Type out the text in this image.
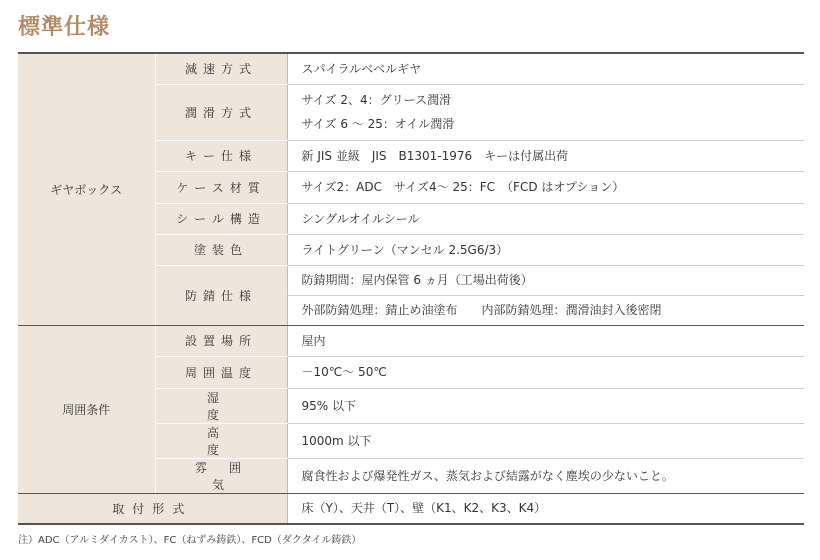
標準仕様
ギヤボックス	減速方式	スパイラルベベルギヤ

	潤滑方式	サイズ 2、4：グリース潤滑
サイズ 6 ～ 25：オイル潤滑

	キー仕様	新 JIS 並級　JIS　B1301-1976　キーは付属出荷

	ケース材質	サイズ2：ADC　サイズ4～ 25：FC　（FCD はオプション）

	シール構造	シングルオイルシール

	塗装色	ライトグリーン（マンセル 2.5G6/3）

	防錆仕様	防錆期間：屋内保管 6 ヵ月（工場出荷後）

		外部防錆処理：錆止め油塗布　　内部防錆処理：潤滑油封入後密閉

周囲条件	設置場所	屋内

	周囲温度	－10℃～ 50℃

	湿度	95% 以下

	高度	1000m 以下

	雰囲気	腐食性および爆発性ガス、蒸気および結露がなく塵埃の少ないこと。

取付形式		床（Y）、天井（T）、壁（K1、K2、K3、K4）
注）ADC（アルミダイカスト）、FC（ねずみ鋳鉄）、FCD（ダクタイル鋳鉄）
